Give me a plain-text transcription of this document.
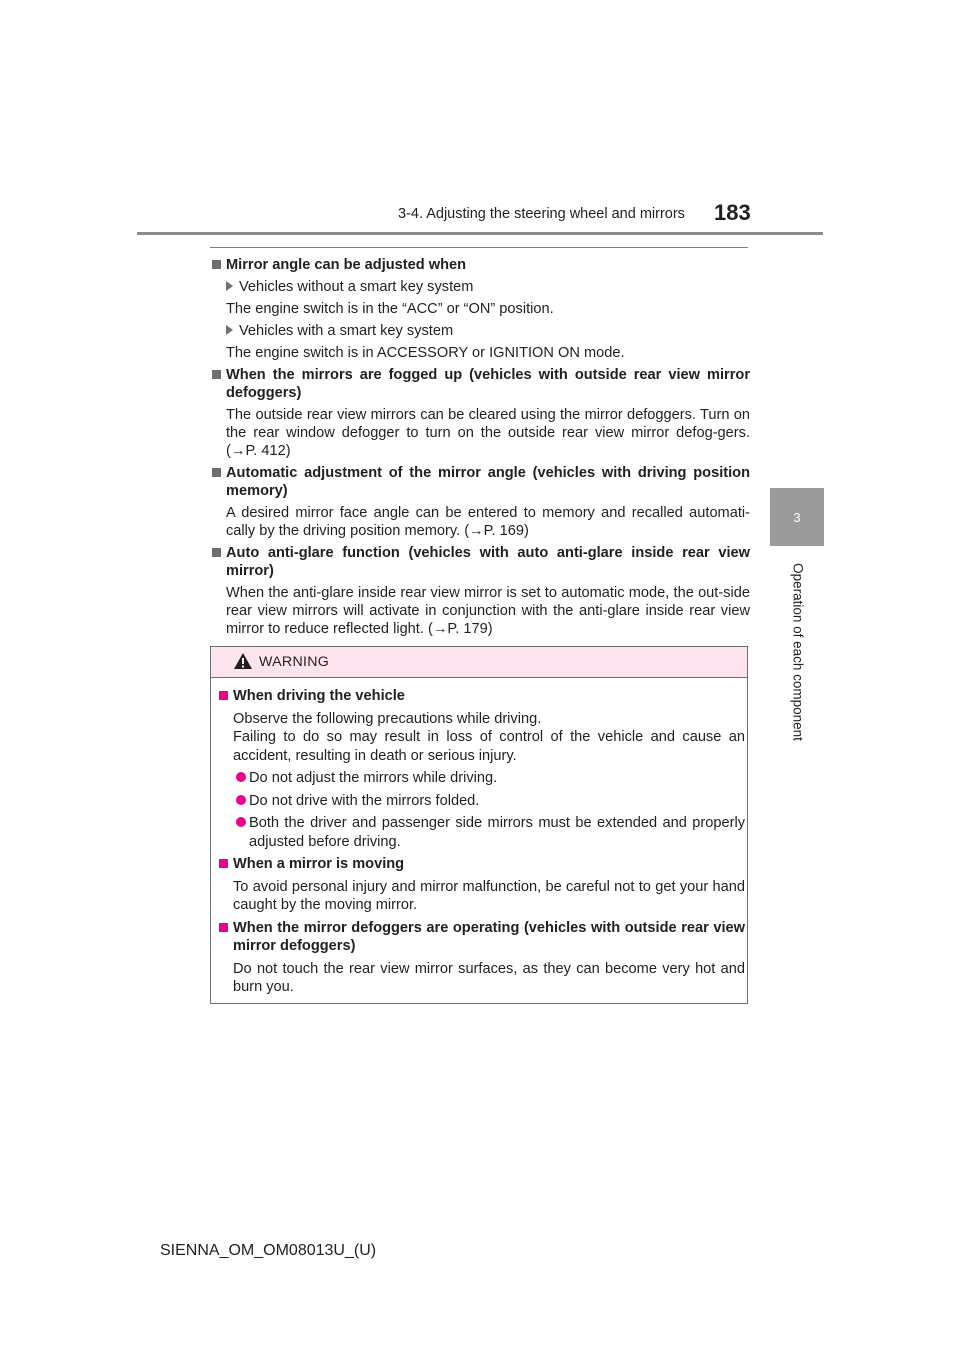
3-4. Adjusting the steering wheel and mirrors 183
3
Operation of each component
Mirror angle can be adjusted when
Vehicles without a smart key system
The engine switch is in the “ACC” or “ON” position.
Vehicles with a smart key system
The engine switch is in ACCESSORY or IGNITION ON mode.
When the mirrors are fogged up (vehicles with outside rear view mirror defoggers)
The outside rear view mirrors can be cleared using the mirror defoggers. Turn on the rear window defogger to turn on the outside rear view mirror defog-gers. (→P. 412)
Automatic adjustment of the mirror angle (vehicles with driving position memory)
A desired mirror face angle can be entered to memory and recalled automati-cally by the driving position memory. (→P. 169)
Auto anti-glare function (vehicles with auto anti-glare inside rear view mirror)
When the anti-glare inside rear view mirror is set to automatic mode, the out-side rear view mirrors will activate in conjunction with the anti-glare inside rear view mirror to reduce reflected light. (→P. 179)
WARNING
When driving the vehicle
Observe the following precautions while driving.
Failing to do so may result in loss of control of the vehicle and cause an accident, resulting in death or serious injury.
Do not adjust the mirrors while driving.
Do not drive with the mirrors folded.
Both the driver and passenger side mirrors must be extended and properly adjusted before driving.
When a mirror is moving
To avoid personal injury and mirror malfunction, be careful not to get your hand caught by the moving mirror.
When the mirror defoggers are operating (vehicles with outside rear view mirror defoggers)
Do not touch the rear view mirror surfaces, as they can become very hot and burn you.
SIENNA_OM_OM08013U_(U)
